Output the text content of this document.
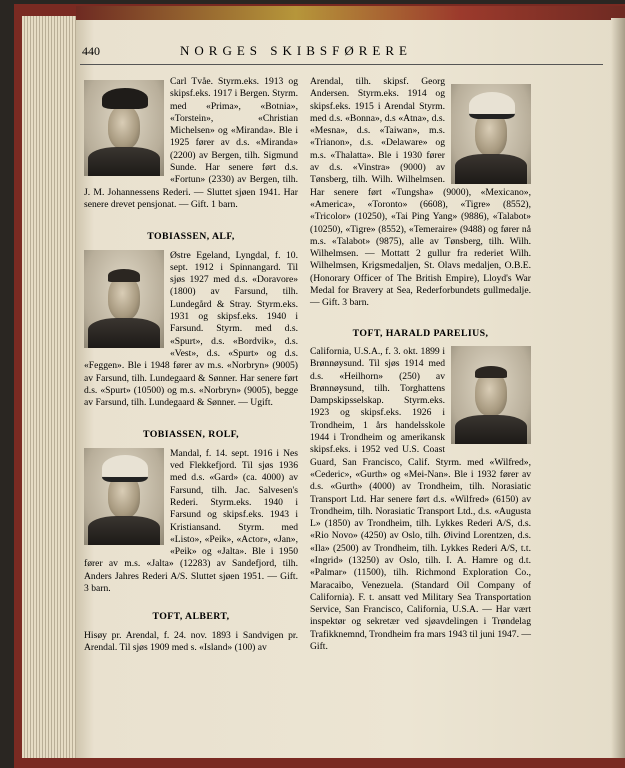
440	NORGES SKIBSFØRERE

Carl Tvåe. Styrm.eks. 1913 og skipsf.eks. 1917 i Bergen. Styrm. med «Prima», «Botnia», «Torstein», «Christian Michelsen» og «Miranda». Ble i 1925 fører av d.s. «Miranda» (2200) av Bergen, tilh. Sigmund Sunde. Har senere ført d.s. «Fortun» (2330) av Bergen, tilh. J. M. Johannessens Rederi. — Sluttet sjøen 1941. Har senere drevet pensjonat. — Gift. 1 barn.

TOBIASSEN, ALF,

Østre Egeland, Lyngdal, f. 10. sept. 1912 i Spinnangard. Til sjøs 1927 med d.s. «Doravore» (1800) av Farsund, tilh. Lundegård & Stray. Styrm.eks. 1931 og skipsf.eks. 1940 i Farsund. Styrm. med d.s. «Spurt», d.s. «Bordvik», d.s. «Vest», d.s. «Spurt» og d.s. «Feggen». Ble i 1948 fører av m.s. «Norbryn» (9005) av Farsund, tilh. Lundegaard & Sønner. Har senere ført d.s. «Spurt» (10500) og m.s. «Norbryn» (9005), begge av Farsund, tilh. Lundegaard & Sønner. — Ugift.

TOBIASSEN, ROLF,

Mandal, f. 14. sept. 1916 i Nes ved Flekkefjord. Til sjøs 1936 med d.s. «Gard» (ca. 4000) av Farsund, tilh. Jac. Salvesen's Rederi. Styrm.eks. 1940 i Farsund og skipsf.eks. 1943 i Kristiansand. Styrm. med «Listo», «Peik», «Actor», «Jan», «Peik» og «Jalta». Ble i 1950 fører av m.s. «Jalta» (12283) av Sandefjord, tilh. Anders Jahres Rederi A/S. Sluttet sjøen 1951. — Gift. 3 barn.

TOFT, ALBERT,

Hisøy pr. Arendal, f. 24. nov. 1893 i Sandvigen pr. Arendal. Til sjøs 1909 med s. «Island» (100) av

Arendal, tilh. skipsf. Georg Andersen. Styrm.eks. 1914 og skipsf.eks. 1915 i Arendal Styrm. med d.s. «Bonna», d.s «Atna», d.s. «Mesna», d.s. «Taiwan», m.s. «Trianon», d.s. «Delaware» og m.s. «Thalatta». Ble i 1930 fører av d.s. «Vinstra» (9000) av Tønsberg, tilh. Wilh. Wilhelmsen. Har senere ført «Tungsha» (9000), «Mexicano», «America», «Toronto» (6608), «Tigre» (8552), «Tricolor» (10250), «Tai Ping Yang» (9886), «Talabot» (10250), «Tigre» (8552), «Temeraire» (9488) og fører nå m.s. «Talabot» (9875), alle av Tønsberg, tilh. Wilh. Wilhelmsen. — Mottatt 2 gullur fra rederiet Wilh. Wilhelmsen, Krigsmedaljen, St. Olavs medaljen, O.B.E. (Honorary Officer of The British Empire), Lloyd's War Medal for Bravery at Sea, Rederforbundets gullmedalje. — Gift. 3 barn.

TOFT, HARALD PARELIUS,

California, U.S.A., f. 3. okt. 1899 i Brønnøysund. Til sjøs 1914 med d.s. «Heilhorn» (250) av Brønnøysund, tilh. Torghattens Dampskipsselskap. Styrm.eks. 1923 og skipsf.eks. 1926 i Trondheim, 1 års handelsskole 1944 i Trondheim og amerikansk skipsf.eks. i 1952 ved U.S. Coast Guard, San Francisco, Calif. Styrm. med «Wilfred», «Cederic», «Gurth» og «Mei-Nan». Ble i 1932 fører av d.s. «Gurth» (4000) av Trondheim, tilh. Norasiatic Transport Ltd. Har senere ført d.s. «Wilfred» (6150) av Trondheim, tilh. Norasiatic Transport Ltd., d.s. «Augusta L» (1850) av Trondheim, tilh. Lykkes Rederi A/S, d.s. «Rio Novo» (4250) av Oslo, tilh. Øivind Lorentzen, d.s. «Ila» (2500) av Trondheim, tilh. Lykkes Rederi A/S, t.t. «Ingrid» (13250) av Oslo, tilh. I. A. Hamre og d.t. «Palmar» (11500), tilh. Richmond Exploration Co., Maracaibo, Venezuela. (Standard Oil Company of California). F. t. ansatt ved Military Sea Transportation Service, San Francisco, California, U.S.A. — Har vært inspektør og sekretær ved sjøavdelingen i Trøndelag Trafikknemnd, Trondheim fra mars 1943 til juni 1947. — Gift.
